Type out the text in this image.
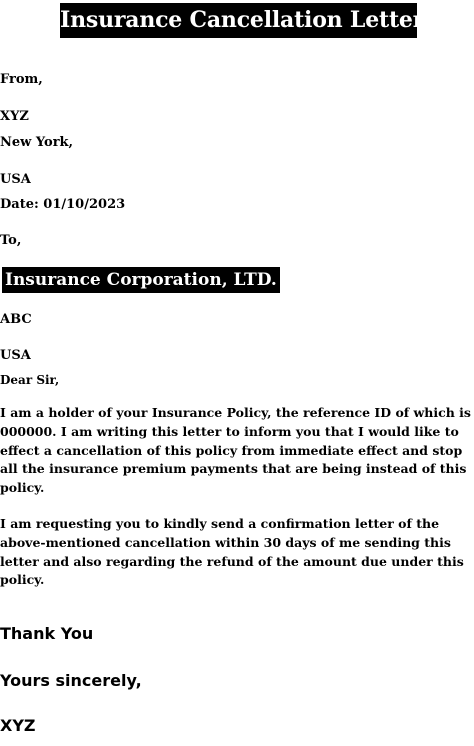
Insurance Cancellation Letter
From,
XYZ
New York,
USA
Date: 01/10/2023
To,
Insurance Corporation, LTD.
ABC
USA
Dear Sir,

I am a holder of your Insurance Policy, the reference ID of which is 000000. I am writing this letter to inform you that I would like to effect a cancellation of this policy from immediate effect and stop all the insurance premium payments that are being instead of this policy.

I am requesting you to kindly send a confirmation letter of the above-mentioned cancellation within 30 days of me sending this letter and also regarding the refund of the amount due under this policy.

Thank You
Yours sincerely,
XYZ
